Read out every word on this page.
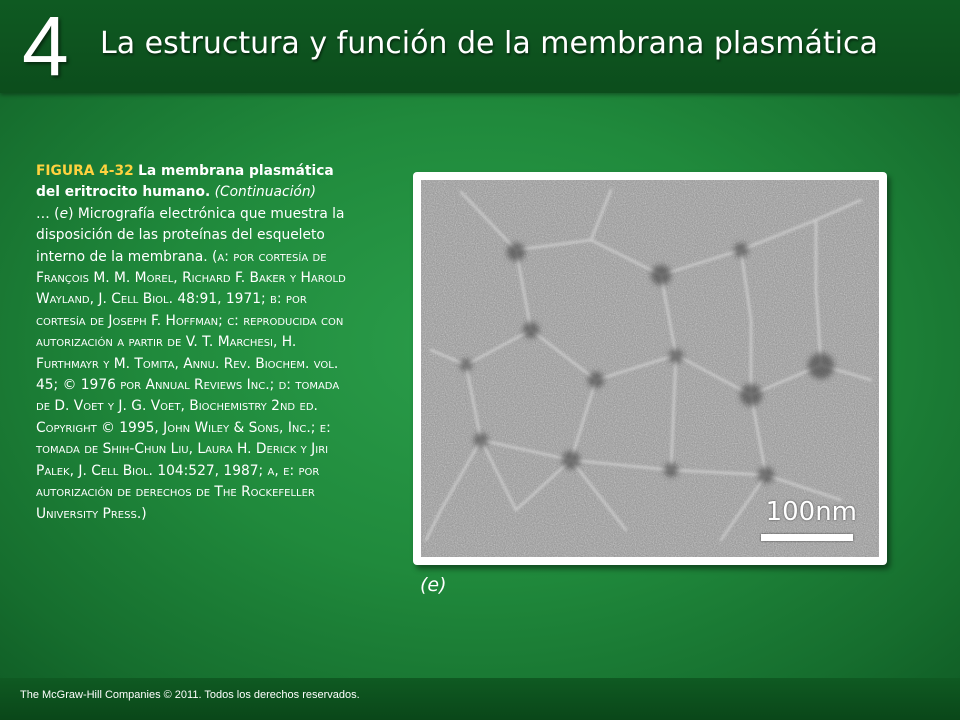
4 La estructura y función de la membrana plasmática
FIGURA 4-32 La membrana plasmática del eritrocito humano. (Continuación)
… (e) Micrografía electrónica que muestra la disposición de las proteínas del esqueleto interno de la membrana. (a: por cortesía de François M. M. Morel, Richard F. Baker y Harold Wayland, J. Cell Biol. 48:91, 1971; b: por cortesía de Joseph F. Hoffman; c: reproducida con autorización a partir de V. T. Marchesi, H. Furthmayr y M. Tomita, Annu. Rev. Biochem. vol. 45; © 1976 por Annual Reviews Inc.; d: tomada de D. Voet y J. G. Voet, Biochemistry 2nd ed. Copyright © 1995, John Wiley & Sons, Inc.; e: tomada de Shih-Chun Liu, Laura H. Derick y Jiri Palek, J. Cell Biol. 104:527, 1987; a, e: por autorización de derechos de The Rockefeller University Press.)	100nm
(e)
The McGraw-Hill Companies © 2011. Todos los derechos reservados.
